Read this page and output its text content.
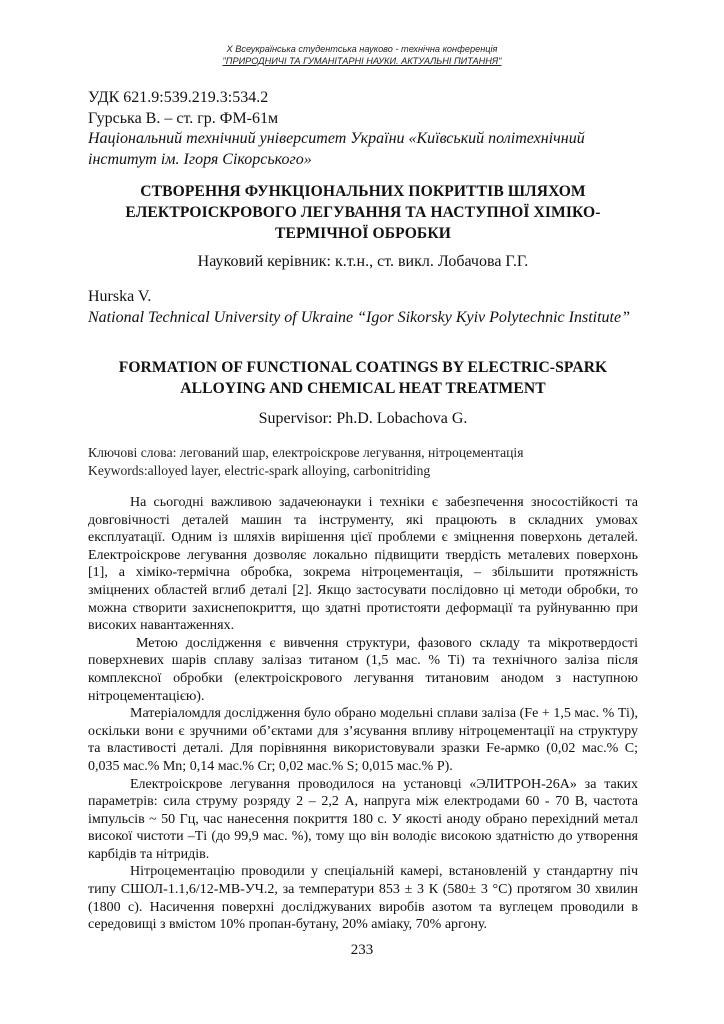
X Всеукраїнська студентська науково - технічна конференція
"ПРИРОДНИЧІ ТА ГУМАНІТАРНІ НАУКИ. АКТУАЛЬНІ ПИТАННЯ"
УДК 621.9:539.219.3:534.2
Гурська В. – ст. гр. ФМ-61м
Національний технічний університет України «Київський політехнічний
інститут ім. Ігоря Сікорського»
СТВОРЕННЯ ФУНКЦІОНАЛЬНИХ ПОКРИТТІВ ШЛЯХОМ ЕЛЕКТРОІСКРОВОГО ЛЕГУВАННЯ ТА НАСТУПНОЇ ХІМІКО-ТЕРМІЧНОЇ ОБРОБКИ
Науковий керівник: к.т.н., ст. викл. Лобачова Г.Г.
Hurska V.
National Technical University of Ukraine “Igor Sikorsky Kyiv Polytechnic Institute”
FORMATION OF FUNCTIONAL COATINGS BY ELECTRIC-SPARK ALLOYING AND CHEMICAL HEAT TREATMENT
Supervisor: Ph.D. Lobachova G.
Ключові слова: легований шар, електроіскрове легування, нітроцементація
Keywords:alloyed layer, electric-spark alloying, carbonitriding

На сьогодні важливою задачеюнауки і техніки є забезпечення зносостійкості та довговічності деталей машин та інструменту, які працюють в складних умовах експлуатації. Одним із шляхів вирішення цієї проблеми є зміцнення поверхонь деталей. Електроіскрове легування дозволяє локально підвищити твердість металевих поверхонь [1], а хіміко-термічна обробка, зокрема нітроцементація, – збільшити протяжність зміцнених областей вглиб деталі [2]. Якщо застосувати послідовно ці методи обробки, то можна створити захиснепокриття, що здатні протистояти деформації та руйнуванню при високих навантаженнях.

Метою дослідження є вивчення структури, фазового складу та мікротвердості поверхневих шарів сплаву залізаз титаном (1,5 мас. % Ті) та технічного заліза після комплексної обробки (електроіскрового легування титановим анодом з наступною нітроцементацією).

Матеріаломдля дослідження було обрано модельні сплави заліза (Fe + 1,5 мас. % Ti), оскільки вони є зручними об’єктами для з’ясування впливу нітроцементації на структуру та властивості деталі. Для порівняння використовували зразки Fe-армко (0,02 мас.% C; 0,035 мас.% Mn; 0,14 мас.% Cr; 0,02 мас.% S; 0,015 мас.% P).

Електроіскрове легування проводилося на установці «ЭЛИТРОН-26А» за таких параметрів: сила струму розряду 2 – 2,2 А, напруга між електродами 60 - 70 В, частота імпульсів ~ 50 Гц, час нанесення покриття 180 с. У якості аноду обрано перехідний метал високої чистоти –Ті (до 99,9 мас. %), тому що він володіє високою здатністю до утворення карбідів та нітридів.

Нітроцементацію проводили у спеціальній камері, встановленій у стандартну піч типу СШОЛ-1.1,6/12-МВ-УЧ.2, за температури 853 ± 3 К (580± 3 °С) протягом 30 хвилин (1800 с). Насичення поверхні досліджуваних виробів азотом та вуглецем проводили в середовищі з вмістом 10% пропан-бутану, 20% аміаку, 70% аргону.

233
